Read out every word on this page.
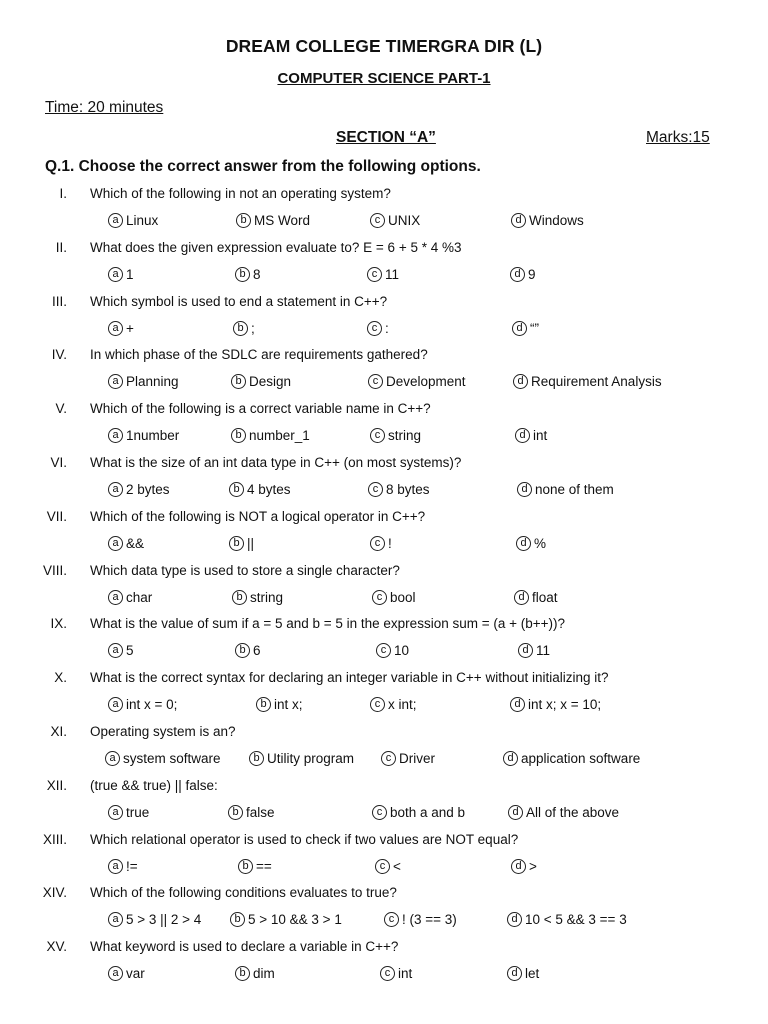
DREAM COLLEGE TIMERGRA DIR (L)
COMPUTER SCIENCE PART-1
Time: 20 minutes
SECTION “A”	Marks:15
Q.1. Choose the correct answer from the following options.
I. Which of the following in not an operating system?
a Linux	b MS Word	c UNIX	d Windows
II. What does the given expression evaluate to? E = 6 + 5 * 4 %3
a 1	b 8	c 11	d 9
III. Which symbol is used to end a statement in C++?
a +	b ;	c :	d “”
IV. In which phase of the SDLC are requirements gathered?
a Planning	b Design	c Development	d Requirement Analysis
V. Which of the following is a correct variable name in C++?
a 1number	b number_1	c string	d int
VI. What is the size of an int data type in C++ (on most systems)?
a 2 bytes	b 4 bytes	c 8 bytes	d none of them
VII. Which of the following is NOT a logical operator in C++?
a &&	b ||	c !	d %
VIII. Which data type is used to store a single character?
a char	b string	c bool	d float
IX. What is the value of sum if a = 5 and b = 5 in the expression sum = (a + (b++))?
a 5	b 6	c 10	d 11
X. What is the correct syntax for declaring an integer variable in C++ without initializing it?
a int x = 0;	b int x;	c x int;	d int x; x = 10;
XI. Operating system is an?
a system software	b Utility program	c Driver	d application software
XII. (true && true) || false:
a true	b false	c both a and b	d All of the above
XIII. Which relational operator is used to check if two values are NOT equal?
a !=	b ==	c <	d >
XIV. Which of the following conditions evaluates to true?
a 5 > 3 || 2 > 4	b 5 > 10 && 3 > 1	c ! (3 == 3)	d 10 < 5 && 3 == 3
XV. What keyword is used to declare a variable in C++?
a var	b dim	c int	d let
